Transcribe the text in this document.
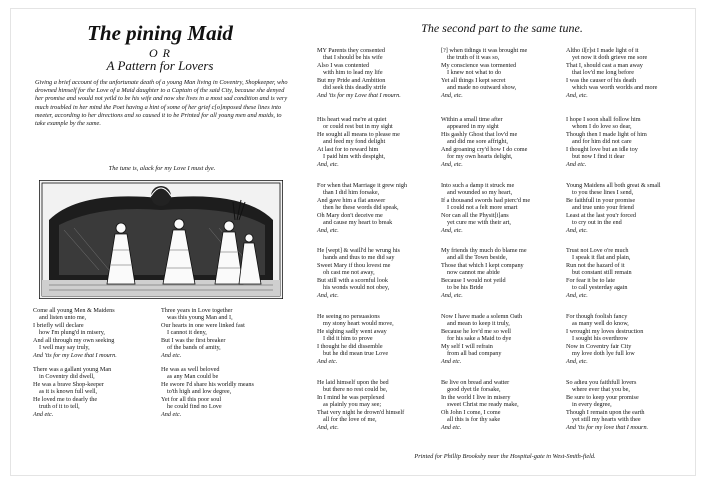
The pining Maid
O R
A Pattern for Lovers
Giving a brief account of the unfortunate death of a young Man living in Coventry, Shopkeeper, who drowned himself for the Love of a Maid daughter to a Captain of the said City, because she denyed her promise and would not yeild to be his wife and now she lives in a most sad condition and is very much troubled in her mind the Poet having a hint of some of her grief c[o]mposed these lines into meeter, according to her directions and so caused it to be Printed for all young men and maids, to take example by the same.
The tune is, alack for my Love I must dye.
Come all young Men & Maidens
and listen unto me,
I briefly will declare
how I'm plung'd in misery,
And all through my own seeking
I well may say truly,
And 'tis for my Love that I mourn.
There was a gallant young Man
in Coventry did dwell,
He was a brave Shop-keeper
as it is known full well,
He loved me to dearly the
truth of it to tell,
And etc.
Three years in Love together
was this young Man and I,
Our hearts in one were linked fast
I cannot it deny,
But I was the first breaker
of the bands of amity,
And etc.
He was as well beloved
as any Man could be
He swore I'd share his worldly means
to'th high and low degree,
Yet for all this poor soul
he could find no Love
And etc.
The second part to the same tune.
MY Parents they consented
that I should be his wife
Also I was contented
with him to lead my life
But my Pride and Ambition
did seek this deadly strife
And 'tis for my Love that I mourn.
His heart wad me're at quiet
or could rest but in my sight
He sought all means to please me
and feed my fond delight
At last for to reward him
I paid him with despight,
And, etc.
For when that Marriage it grew nigh
than I did him forsake,
And gave him a flat answer
then he these words did speak,
Oh Mary don't deceive me
and cause my heart to break
And, etc.
He [wept] & waill'd he wrung his
hands and thus to me did say
Sweet Mary if thou lovest me
oh cast me not away,
But still with a scornful look
his wonds would not obey,
And, etc.
He seeing no persuasions
my stony heart would move,
He sighing sadly went away
I did it him to prove
I thought he did dissemble
but he did mean true Love
And etc.
He laid himself upon the bed
but there no rest could be,
In I mind he was perplexed
as plainly you may see;
That very night he drown'd himself
all for the love of me,
And, etc.
[?] when tidings it was brought me
the truth of it was so,
My conscience was tormented
I knew not what to do
Yet all things I kept secret
and made no outward show,
And, etc.
Within a small time after
appeared in my sight
His gashly Ghost that lov'd me
and did me sore affright,
And groaning cry'd how I do come
for my own hearts delight,
And, etc.
Into such a damp it struck me
and wounded so my heart,
If a thousand swords had pierc'd me
I could not a felt more smart
Nor can all the Physit[i]ans
yet cure me with their art,
And, etc.
My friends thy much do blame me
and all the Town beside,
Those that which I kept company
now cannot me abide
Because I would not yeild
to be his Bride
And, etc.
Now I have made a solemn Oath
and mean to keep it truly,
Because he lov'd me so well
for his sake a Maid to dye
My self I will refrain
from all bad company
And etc.
Be live on bread and watter
good dyet tle forsake,
In the world I live in misery
sweet Christ me ready make,
Oh John I come, I come
all this is for thy sake
And etc.
Altho il[r]st I made light of it
yet now it doth grieve me sore
That I, should cast a man away
that lov'd me long before
I was the causer of his death
which was worth worlds and more
And, etc.
I hope I soon shall follow him
whom I do love so dear,
Though then I made light of him
and for him did not care
I thought love but an idle toy
but now I find it dear
And etc.
Young Maidens all both great & small
to you these lines I send,
Be faithfull in your promise
and true unto your friend
Least at the last you'r forced
to cry out in the end
And, etc.
Trust not Love o're much
I speak it flat and plain,
Run not the hazard of it
but constant still remain
For fear it be to late
to call yesterday again
And, etc.
For though foolish fancy
as many well do know,
I wrought my loves destruction
I sought his overthrow
Now in Coventry fair City
my love doth lye full low
And, etc.
So adieu you faithfull lovers
where ever that you be,
Be sure to keep your promise
in every degree,
Though I remain upon the earth
yet still my hearts with thee
And 'tis for my love that I mourn.
Printed for Phillip Brooksby near the Hospital-gate in West-Smith-field.
